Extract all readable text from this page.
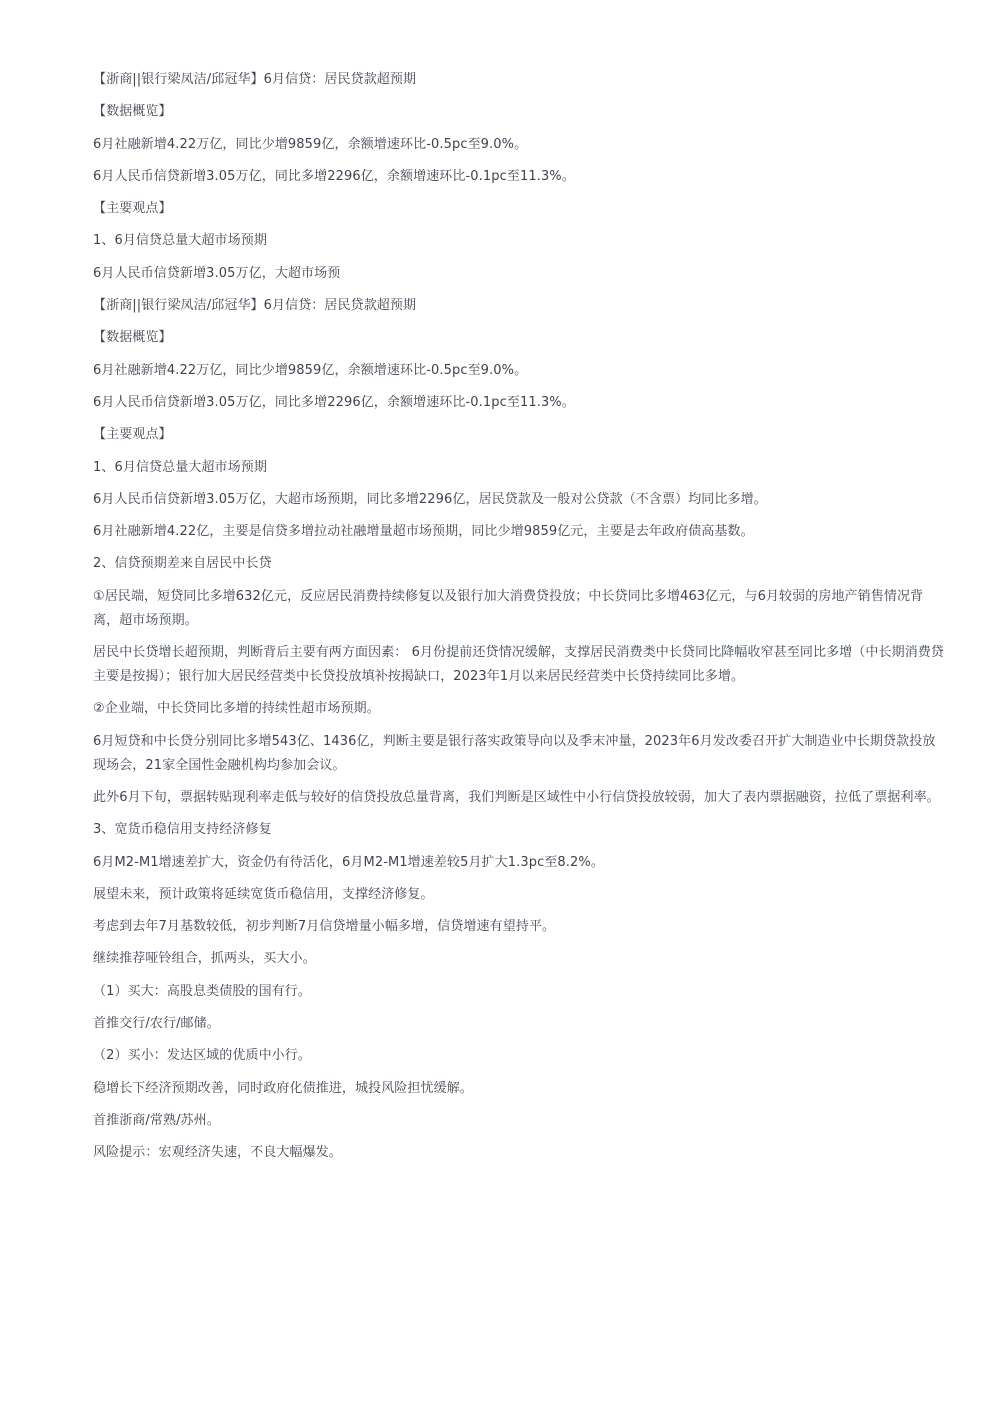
【浙商||银行梁凤洁/邱冠华】6月信贷：居民贷款超预期

【数据概览】

6月社融新增4.22万亿，同比少增9859亿，余额增速环比-0.5pc至9.0%。

6月人民币信贷新增3.05万亿，同比多增2296亿，余额增速环比-0.1pc至11.3%。

【主要观点】

1、6月信贷总量大超市场预期

6月人民币信贷新增3.05万亿，大超市场预

【浙商||银行梁凤洁/邱冠华】6月信贷：居民贷款超预期

【数据概览】

6月社融新增4.22万亿，同比少增9859亿，余额增速环比-0.5pc至9.0%。

6月人民币信贷新增3.05万亿，同比多增2296亿，余额增速环比-0.1pc至11.3%。

【主要观点】

1、6月信贷总量大超市场预期

6月人民币信贷新增3.05万亿，大超市场预期，同比多增2296亿，居民贷款及一般对公贷款（不含票）均同比多增。

6月社融新增4.22亿，主要是信贷多增拉动社融增量超市场预期，同比少增9859亿元，主要是去年政府债高基数。

2、信贷预期差来自居民中长贷

①居民端，短贷同比多增632亿元，反应居民消费持续修复以及银行加大消费贷投放；中长贷同比多增463亿元，与6月较弱的房地产销售情况背离，超市场预期。

居民中长贷增长超预期，判断背后主要有两方面因素： 6月份提前还贷情况缓解，支撑居民消费类中长贷同比降幅收窄甚至同比多增（中长期消费贷主要是按揭）；银行加大居民经营类中长贷投放填补按揭缺口，2023年1月以来居民经营类中长贷持续同比多增。

②企业端，中长贷同比多增的持续性超市场预期。

6月短贷和中长贷分别同比多增543亿、1436亿，判断主要是银行落实政策导向以及季末冲量，2023年6月发改委召开扩大制造业中长期贷款投放现场会，21家全国性金融机构均参加会议。

此外6月下旬，票据转贴现利率走低与较好的信贷投放总量背离，我们判断是区域性中小行信贷投放较弱，加大了表内票据融资，拉低了票据利率。

3、宽货币稳信用支持经济修复

6月M2-M1增速差扩大，资金仍有待活化，6月M2-M1增速差较5月扩大1.3pc至8.2%。

展望未来，预计政策将延续宽货币稳信用，支撑经济修复。

考虑到去年7月基数较低，初步判断7月信贷增量小幅多增，信贷增速有望持平。

继续推荐哑铃组合，抓两头，买大小。

（1）买大：高股息类债股的国有行。

首推交行/农行/邮储。

（2）买小：发达区域的优质中小行。

稳增长下经济预期改善，同时政府化债推进，城投风险担忧缓解。

首推浙商/常熟/苏州。

风险提示：宏观经济失速，不良大幅爆发。
